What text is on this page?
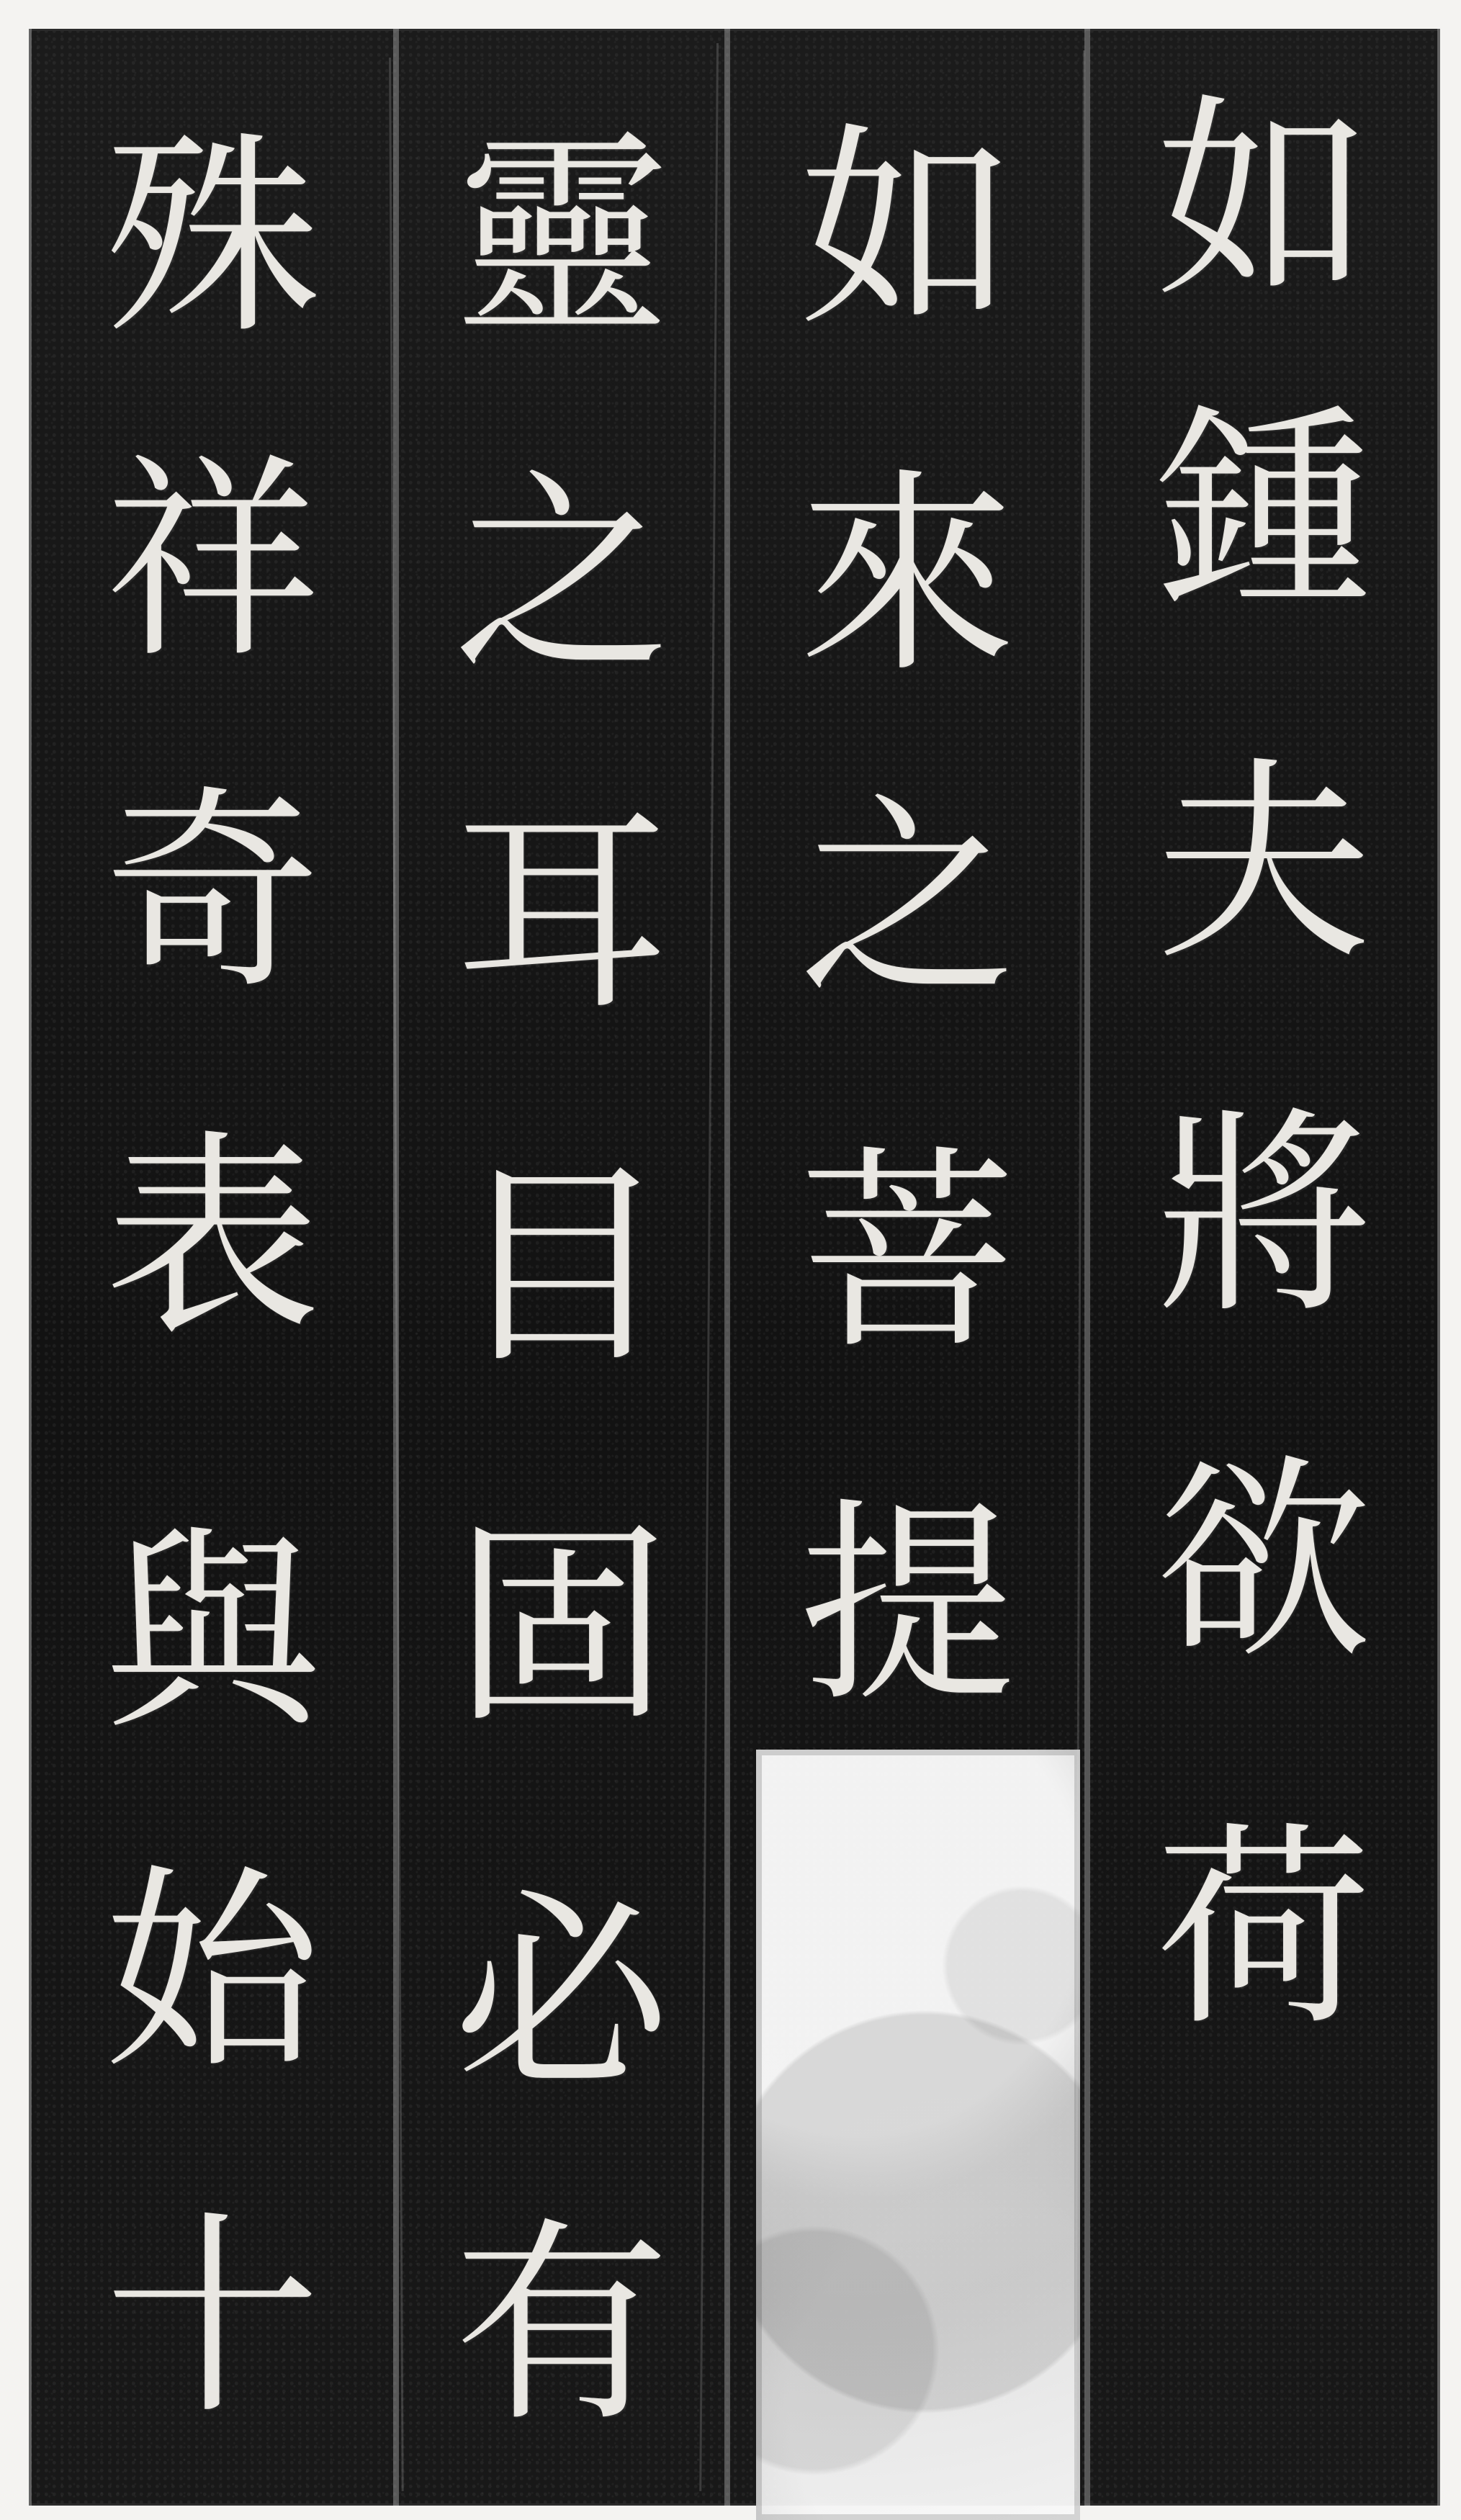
殊
祥
奇
表
與
始
十
靈
之
耳
目
固
必
有
如
來
之
菩
提
如
鍾
夫
將
欲
荷
